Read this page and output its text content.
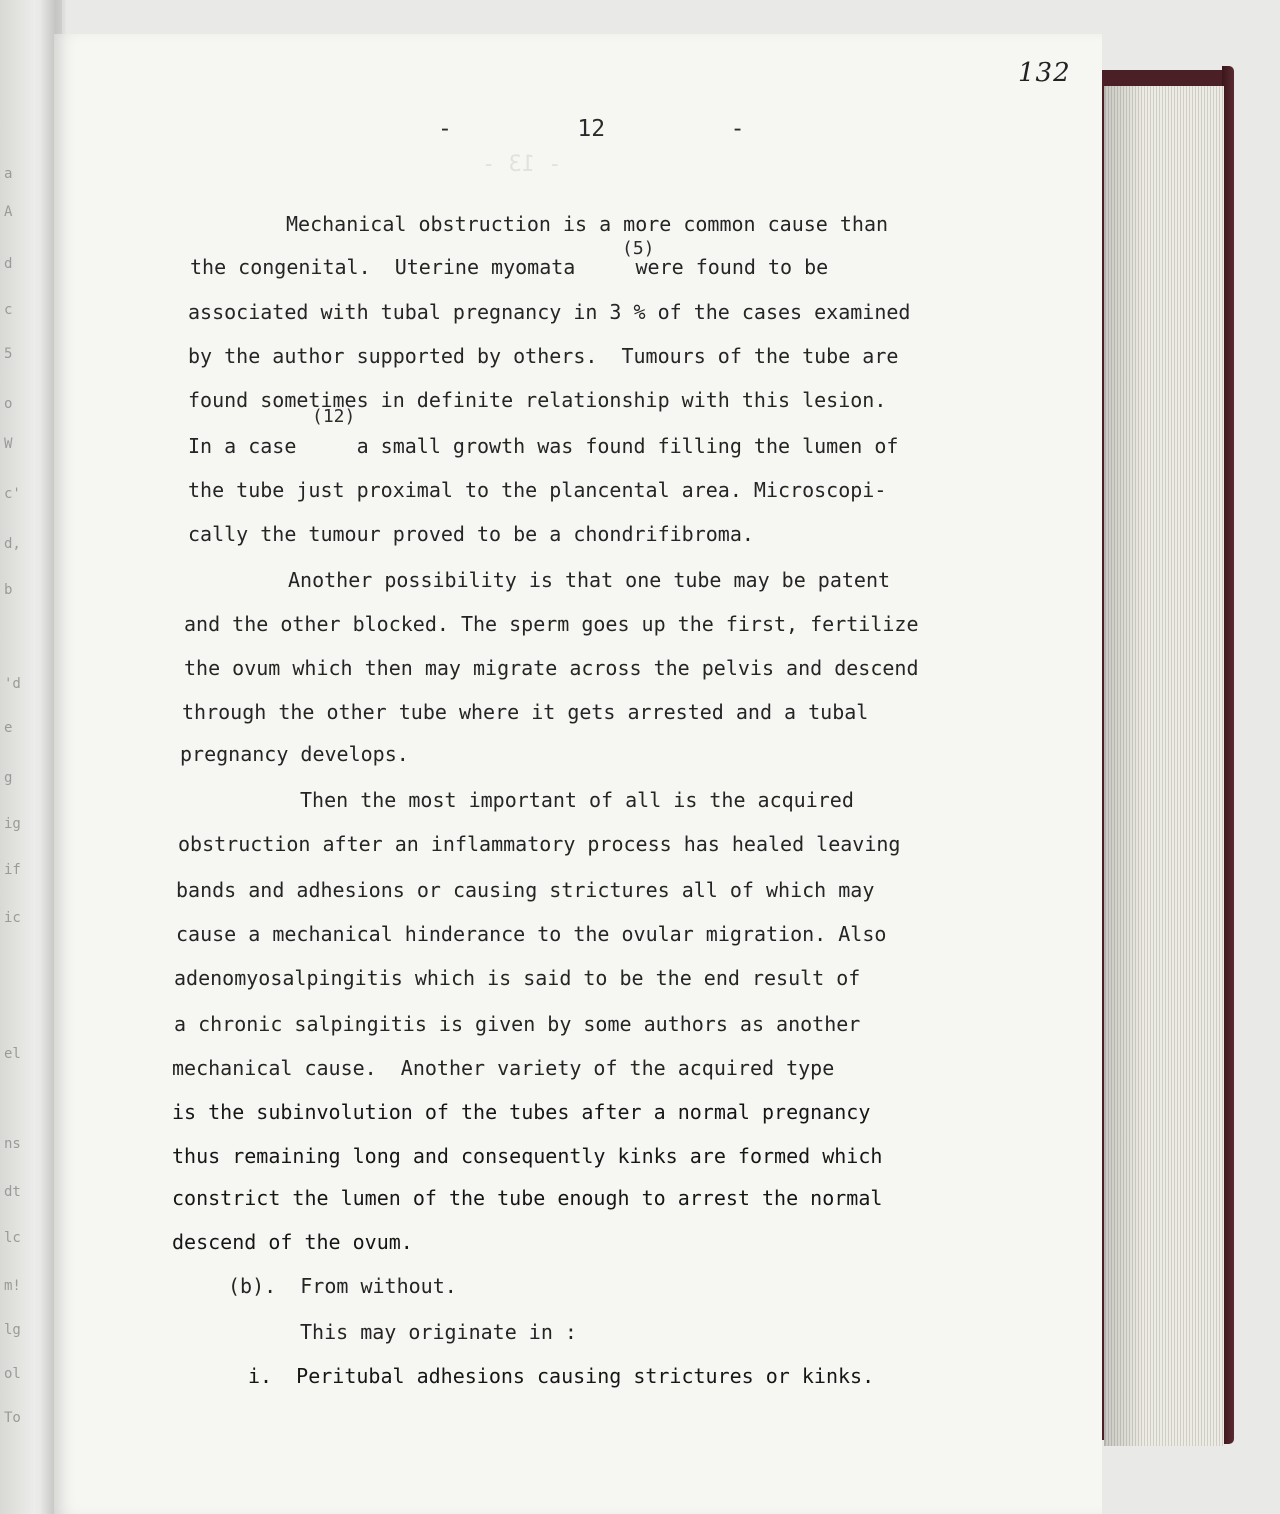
a
A
d
c
5
o
W
c'
d,
b
'd
e
g
ig
if
ic
el
ns
dt
lc
m!
lg
ol
To
- 13 -
132
-   12   -
Mechanical obstruction is a more common cause than
(5)
the congenital.  Uterine myomata     were found to be
associated with tubal pregnancy in 3 % of the cases examined
by the author supported by others.  Tumours of the tube are
found sometimes in definite relationship with this lesion.
(12)
In a case     a small growth was found filling the lumen of
the tube just proximal to the plancental area. Microscopi-
cally the tumour proved to be a chondrifibroma.
Another possibility is that one tube may be patent
and the other blocked. The sperm goes up the first, fertilize
the ovum which then may migrate across the pelvis and descend
through the other tube where it gets arrested and a tubal
pregnancy develops.
Then the most important of all is the acquired
obstruction after an inflammatory process has healed leaving
bands and adhesions or causing strictures all of which may
cause a mechanical hinderance to the ovular migration. Also
adenomyosalpingitis which is said to be the end result of
a chronic salpingitis is given by some authors as another
mechanical cause.  Another variety of the acquired type
is the subinvolution of the tubes after a normal pregnancy
thus remaining long and consequently kinks are formed which
constrict the lumen of the tube enough to arrest the normal
descend of the ovum.
(b).  From without.
This may originate in :
i.  Peritubal adhesions causing strictures or kinks.
